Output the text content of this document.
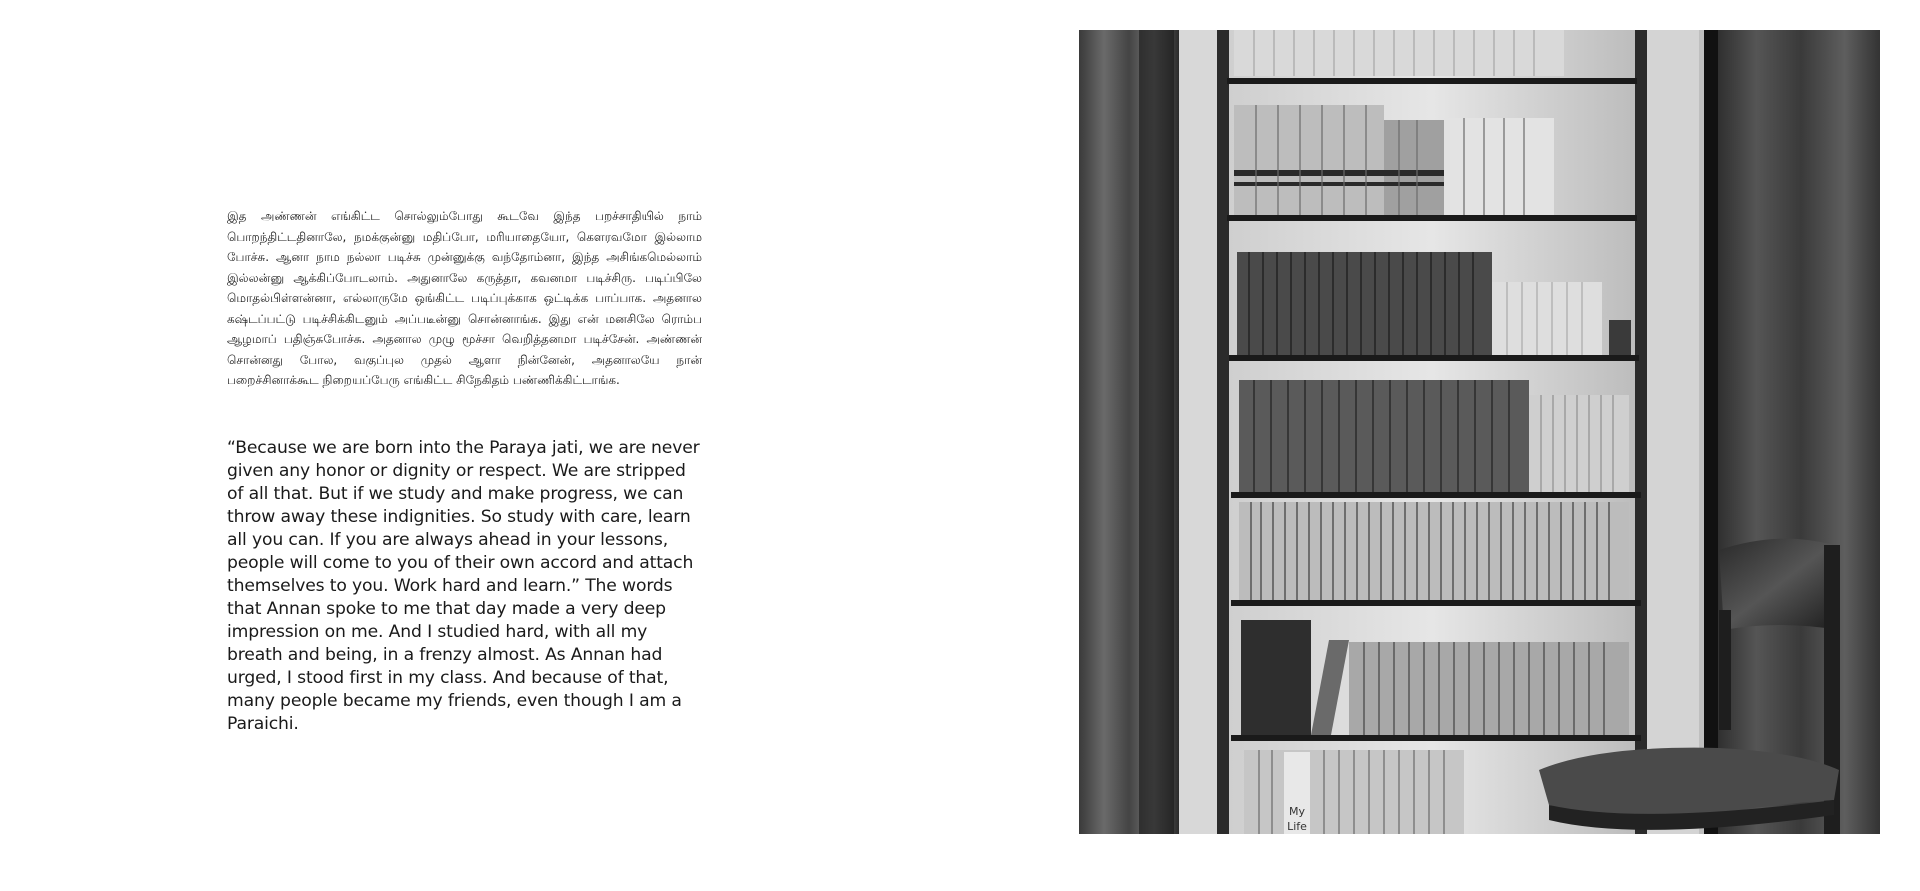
இத அண்ணன் எங்கிட்ட சொல்லும்போது கூடவே இந்த பறச்சாதியில் நாம் பொறந்திட்டதினாலே, நமக்குன்னு மதிப்போ, மரியாதையோ, கௌரவமோ இல்லாம போச்சு. ஆனா நாம நல்லா படிச்சு முன்னுக்கு வந்தோம்னா, இந்த அசிங்கமெல்லாம் இல்லன்னு ஆக்கிப்போடலாம். அதுனாலே கருத்தா, கவனமா படிச்சிரு. படிப்பிலே மொதல்பிள்ளன்னா, எல்லாருமே ஒங்கிட்ட படிப்புக்காக ஒட்டிக்க பாப்பாக. அதனால கஷ்டப்பட்டு படிச்சிக்கிடனும் அப்படீன்னு சொன்னாங்க. இது என் மனசிலே ரொம்ப ஆழமாப் பதிஞ்சுபோச்சு. அதனால முழு மூச்சா வெறித்தனமா படிச்சேன். அண்ணன் சொன்னது போல, வகுப்புல முதல் ஆளா நின்னேன், அதனாலயே நான் பறைச்சினாக்கூட நிறையப்பேரு எங்கிட்ட சிநேகிதம் பண்ணிக்கிட்டாங்க.

“Because we are born into the Paraya jati, we are never given any honor or dignity or respect. We are stripped of all that. But if we study and make progress, we can throw away these indignities. So study with care, learn all you can. If you are always ahead in your lessons, people will come to you of their own accord and attach themselves to you. Work hard and learn.” The words that Annan spoke to me that day made a very deep impression on me. And I studied hard, with all my breath and being, in a frenzy almost. As Annan had urged, I stood first in my class. And because of that, many people became my friends, even though I am a Paraichi.

My
Life
